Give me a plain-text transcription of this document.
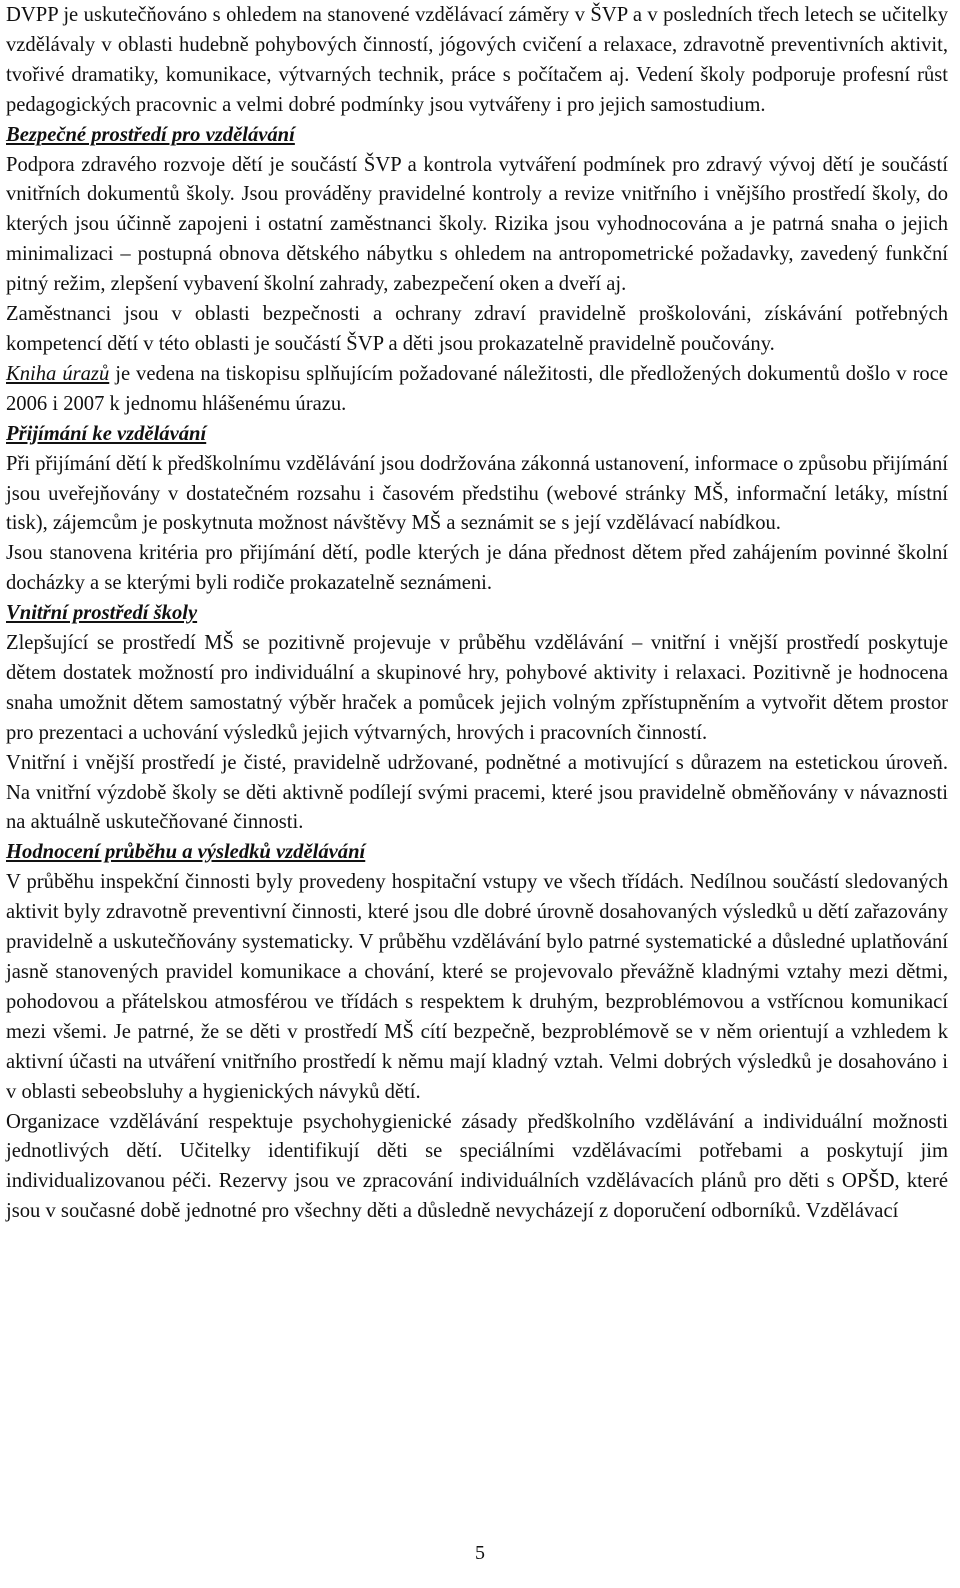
DVPP je uskutečňováno s ohledem na stanovené vzdělávací záměry v ŠVP a v posledních třech letech se učitelky vzdělávaly v oblasti hudebně pohybových činností, jógových cvičení a relaxace, zdravotně preventivních aktivit, tvořivé dramatiky, komunikace, výtvarných technik, práce s počítačem aj. Vedení školy podporuje profesní růst pedagogických pracovnic a velmi dobré podmínky jsou vytvářeny i pro jejich samostudium.

Bezpečné prostředí pro vzdělávání

Podpora zdravého rozvoje dětí je součástí ŠVP a kontrola vytváření podmínek pro zdravý vývoj dětí je součástí vnitřních dokumentů školy. Jsou prováděny pravidelné kontroly a revize vnitřního i vnějšího prostředí školy, do kterých jsou účinně zapojeni i ostatní zaměstnanci školy. Rizika jsou vyhodnocována a je patrná snaha o jejich minimalizaci – postupná obnova dětského nábytku s ohledem na antropometrické požadavky, zavedený funkční pitný režim, zlepšení vybavení školní zahrady, zabezpečení oken a dveří aj.

Zaměstnanci jsou v oblasti bezpečnosti a ochrany zdraví pravidelně proškolováni, získávání potřebných kompetencí dětí v této oblasti je součástí ŠVP a děti jsou prokazatelně pravidelně poučovány.

Kniha úrazů je vedena na tiskopisu splňujícím požadované náležitosti, dle předložených dokumentů došlo v roce 2006 i 2007 k jednomu hlášenému úrazu.

Přijímání ke vzdělávání

Při přijímání dětí k předškolnímu vzdělávání jsou dodržována zákonná ustanovení, informace o způsobu přijímání jsou uveřejňovány v dostatečném rozsahu i časovém předstihu (webové stránky MŠ, informační letáky, místní tisk), zájemcům je poskytnuta možnost návštěvy MŠ a seznámit se s její vzdělávací nabídkou.

Jsou stanovena kritéria pro přijímání dětí, podle kterých je dána přednost dětem před zahájením povinné školní docházky a se kterými byli rodiče prokazatelně seznámeni.

Vnitřní prostředí školy

Zlepšující se prostředí MŠ se pozitivně projevuje v průběhu vzdělávání – vnitřní i vnější prostředí poskytuje dětem dostatek možností pro individuální a skupinové hry, pohybové aktivity i relaxaci. Pozitivně je hodnocena snaha umožnit dětem samostatný výběr hraček a pomůcek jejich volným zpřístupněním a vytvořit dětem prostor pro prezentaci a uchování výsledků jejich výtvarných, hrových i pracovních činností.

Vnitřní i vnější prostředí je čisté, pravidelně udržované, podnětné a motivující s důrazem na estetickou úroveň. Na vnitřní výzdobě školy se děti aktivně podílejí svými pracemi, které jsou pravidelně obměňovány v návaznosti na aktuálně uskutečňované činnosti.

Hodnocení průběhu a výsledků vzdělávání

V průběhu inspekční činnosti byly provedeny hospitační vstupy ve všech třídách. Nedílnou součástí sledovaných aktivit byly zdravotně preventivní činnosti, které jsou dle dobré úrovně dosahovaných výsledků u dětí zařazovány pravidelně a uskutečňovány systematicky. V průběhu vzdělávání bylo patrné systematické a důsledné uplatňování jasně stanovených pravidel komunikace a chování, které se projevovalo převážně kladnými vztahy mezi dětmi, pohodovou a přátelskou atmosférou ve třídách s respektem k druhým, bezproblémovou a vstřícnou komunikací mezi všemi. Je patrné, že se děti v prostředí MŠ cítí bezpečně, bezproblémově se v něm orientují a vzhledem k aktivní účasti na utváření vnitřního prostředí k němu mají kladný vztah. Velmi dobrých výsledků je dosahováno i v oblasti sebeobsluhy a hygienických návyků dětí.

Organizace vzdělávání respektuje psychohygienické zásady předškolního vzdělávání a individuální možnosti jednotlivých dětí. Učitelky identifikují děti se speciálními vzdělávacími potřebami a poskytují jim individualizovanou péči. Rezervy jsou ve zpracování individuálních vzdělávacích plánů pro děti s OPŠD, které jsou v současné době jednotné pro všechny děti a důsledně nevycházejí z doporučení odborníků. Vzdělávací

5
